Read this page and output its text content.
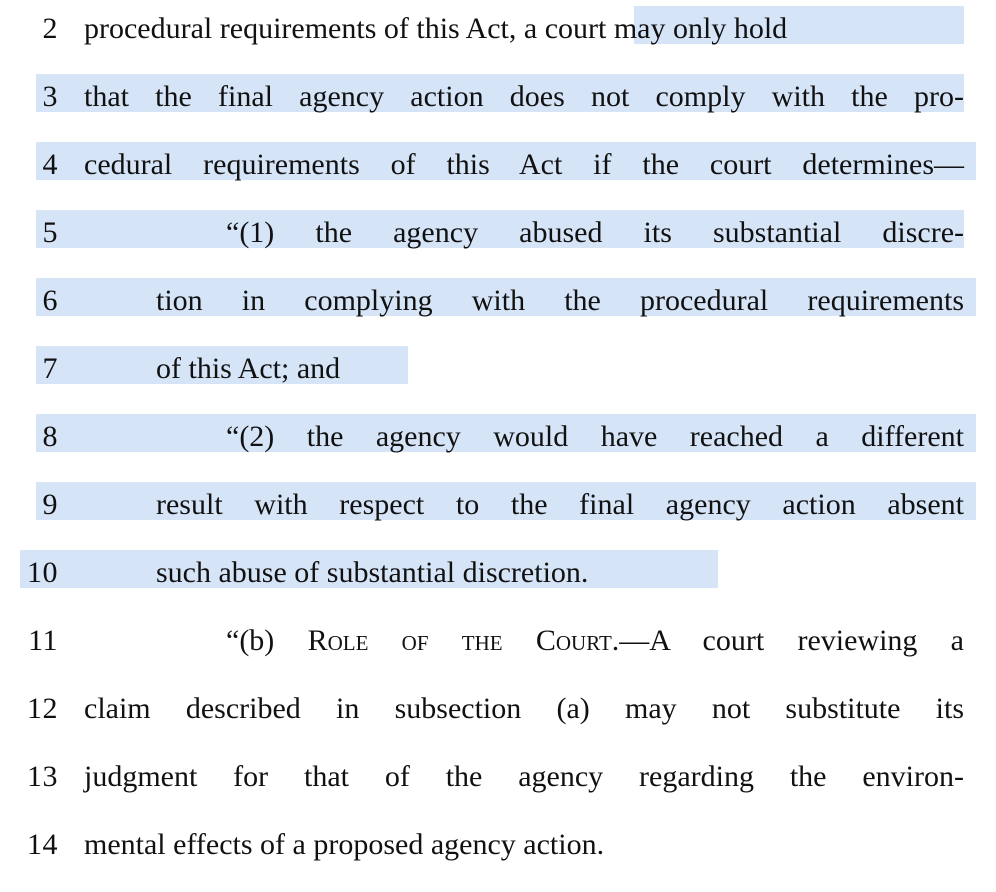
2 procedural requirements of this Act, a court may only hold
3 that the final agency action does not comply with the pro-
4 cedural requirements of this Act if the court determines—
5	“(1) the agency abused its substantial discre-
6	tion in complying with the procedural requirements
7	of this Act; and
8	“(2) the agency would have reached a different
9	result with respect to the final agency action absent
10	such abuse of substantial discretion.
11	“(b) Role of the Court.—A court reviewing a
12 claim described in subsection (a) may not substitute its
13 judgment for that of the agency regarding the environ-
14 mental effects of a proposed agency action.
